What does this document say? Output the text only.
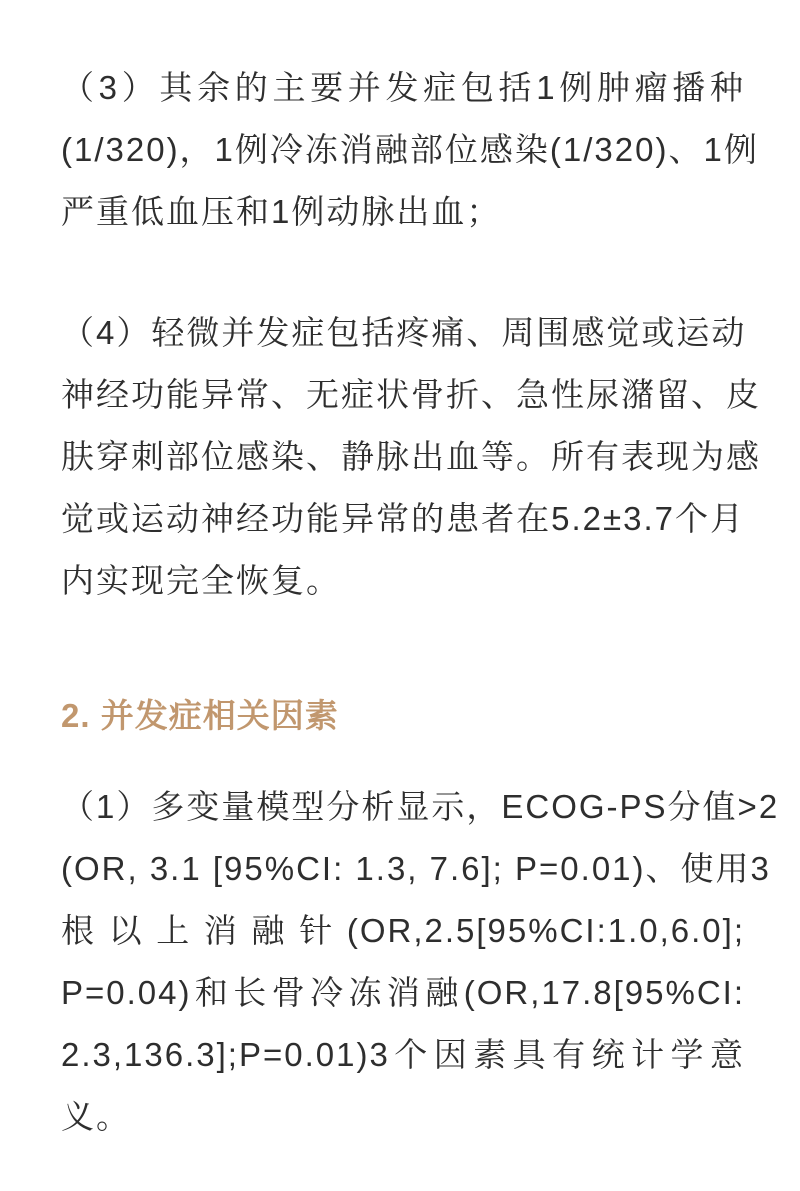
（3）其余的主要并发症包括1例肿瘤播种
(1/320)，1例冷冻消融部位感染(1/320)、1例
严重低血压和1例动脉出血；
（4）轻微并发症包括疼痛、周围感觉或运动
神经功能异常、无症状骨折、急性尿潴留、皮
肤穿刺部位感染、静脉出血等。所有表现为感
觉或运动神经功能异常的患者在5.2±3.7个月
内实现完全恢复。
2. 并发症相关因素
（1）多变量模型分析显示，ECOG-PS分值>2
(OR, 3.1 [95%CI: 1.3, 7.6]; P=0.01)、使用3
根以上消融针(OR,2.5[95%CI:1.0,6.0];
P=0.04)和长骨冷冻消融(OR,17.8[95%CI:
2.3,136.3];P=0.01)3个因素具有统计学意
义。
